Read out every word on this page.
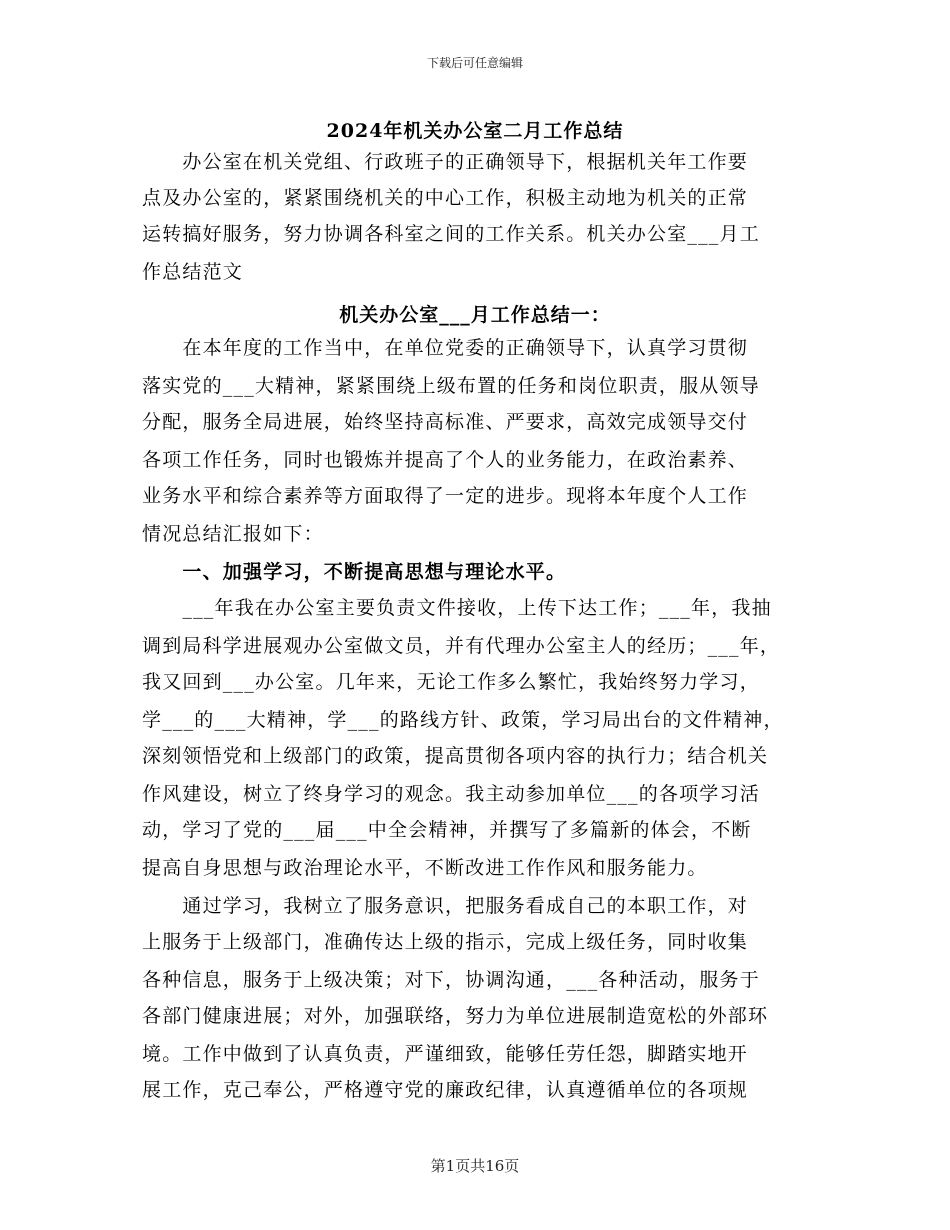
下载后可任意编辑
2024年机关办公室二月工作总结
　　办公室在机关党组、行政班子的正确领导下，根据机关年工作要
点及办公室的，紧紧围绕机关的中心工作，积极主动地为机关的正常
运转搞好服务，努力协调各科室之间的工作关系。机关办公室___月工
作总结范文
机关办公室___月工作总结一：
　　在本年度的工作当中，在单位党委的正确领导下，认真学习贯彻
落实党的___大精神，紧紧围绕上级布置的任务和岗位职责，服从领导
分配，服务全局进展，始终坚持高标准、严要求，高效完成领导交付
各项工作任务，同时也锻炼并提高了个人的业务能力，在政治素养、
业务水平和综合素养等方面取得了一定的进步。现将本年度个人工作
情况总结汇报如下：
　　一、加强学习，不断提高思想与理论水平。
　　___年我在办公室主要负责文件接收，上传下达工作；___年，我抽
调到局科学进展观办公室做文员，并有代理办公室主人的经历；___年，
我又回到___办公室。几年来，无论工作多么繁忙，我始终努力学习，
学___的___大精神，学___的路线方针、政策，学习局出台的文件精神，
深刻领悟党和上级部门的政策，提高贯彻各项内容的执行力；结合机关
作风建设，树立了终身学习的观念。我主动参加单位___的各项学习活
动，学习了党的___届___中全会精神，并撰写了多篇新的体会，不断
提高自身思想与政治理论水平，不断改进工作作风和服务能力。
　　通过学习，我树立了服务意识，把服务看成自己的本职工作，对
上服务于上级部门，准确传达上级的指示，完成上级任务，同时收集
各种信息，服务于上级决策；对下，协调沟通，___各种活动，服务于
各部门健康进展；对外，加强联络，努力为单位进展制造宽松的外部环
境。工作中做到了认真负责，严谨细致，能够任劳任怨，脚踏实地开
展工作，克己奉公，严格遵守党的廉政纪律，认真遵循单位的各项规
第1页共16页
